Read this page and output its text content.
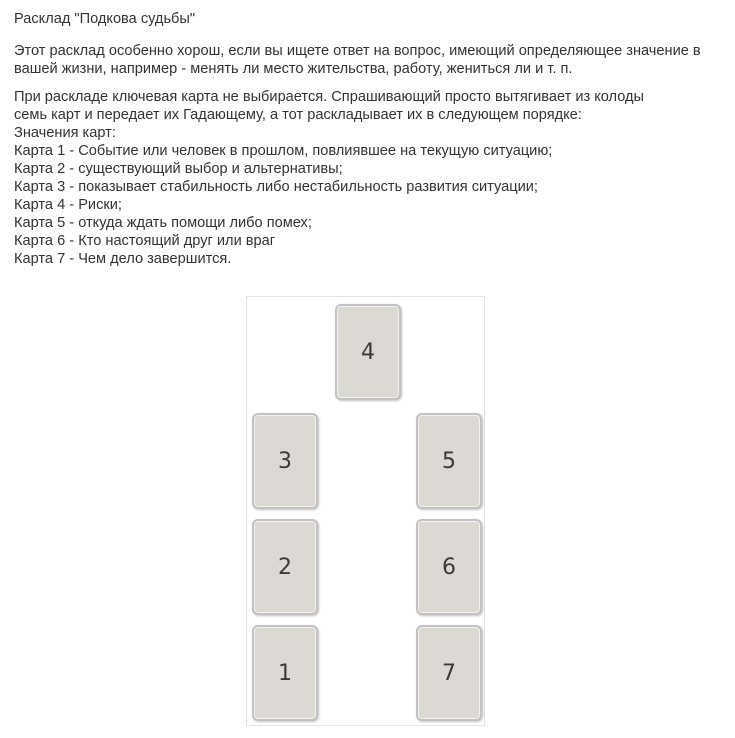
Расклад "Подкова судьбы"

Этот расклад особенно хорош, если вы ищете ответ на вопрос, имеющий определяющее значение в вашей жизни, например - менять ли место жительства, работу, жениться ли и т. п.

При раскладе ключевая карта не выбирается. Спрашивающий просто вытягивает из колоды

семь карт и передает их Гадающему, а тот раскладывает их в следующем порядке:

Значения карт:

Карта 1 - Событие или человек в прошлом, повлиявшее на текущую ситуацию;

Карта 2 - существующий выбор и альтернативы;

Карта 3 - показывает стабильность либо нестабильность развития ситуации;

Карта 4 - Риски;

Карта 5 - откуда ждать помощи либо помех;

Карта 6 - Кто настоящий друг или враг

Карта 7 - Чем дело завершится.

4
3	5
2	6
1	7
